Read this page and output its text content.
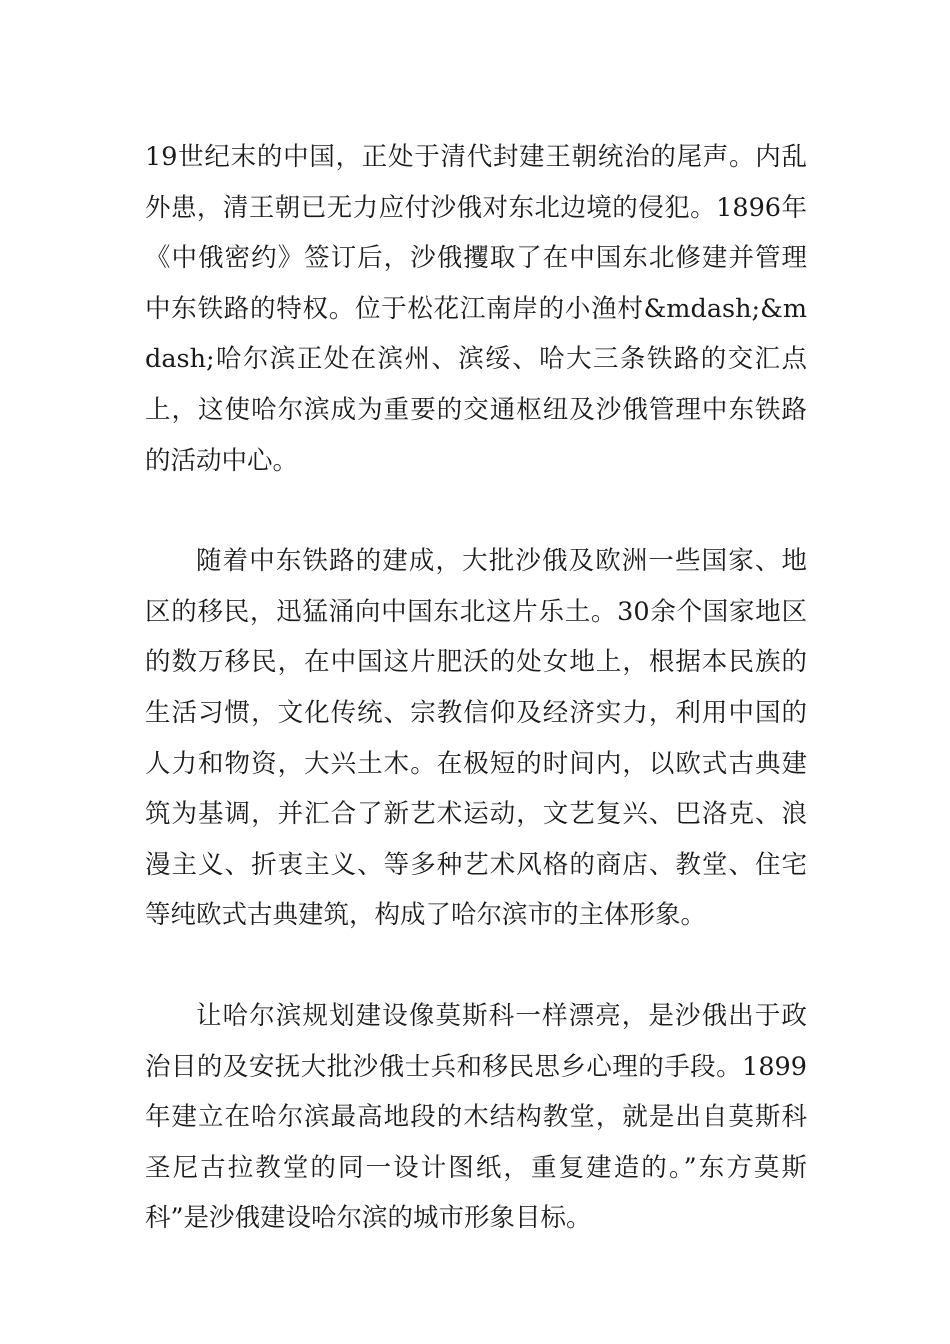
19世纪末的中国，正处于清代封建王朝统治的尾声。内乱外患，清王朝已无力应付沙俄对东北边境的侵犯。1896年《中俄密约》签订后，沙俄攫取了在中国东北修建并管理中东铁路的特权。位于松花江南岸的小渔村&mdash;&mdash;哈尔滨正处在滨州、滨绥、哈大三条铁路的交汇点上，这使哈尔滨成为重要的交通枢纽及沙俄管理中东铁路的活动中心。

随着中东铁路的建成，大批沙俄及欧洲一些国家、地区的移民，迅猛涌向中国东北这片乐土。30余个国家地区的数万移民，在中国这片肥沃的处女地上，根据本民族的生活习惯，文化传统、宗教信仰及经济实力，利用中国的人力和物资，大兴土木。在极短的时间内，以欧式古典建筑为基调，并汇合了新艺术运动，文艺复兴、巴洛克、浪漫主义、折衷主义、等多种艺术风格的商店、教堂、住宅等纯欧式古典建筑，构成了哈尔滨市的主体形象。

让哈尔滨规划建设像莫斯科一样漂亮，是沙俄出于政治目的及安抚大批沙俄士兵和移民思乡心理的手段。1899年建立在哈尔滨最高地段的木结构教堂，就是出自莫斯科圣尼古拉教堂的同一设计图纸，重复建造的。”东方莫斯科”是沙俄建设哈尔滨的城市形象目标。
